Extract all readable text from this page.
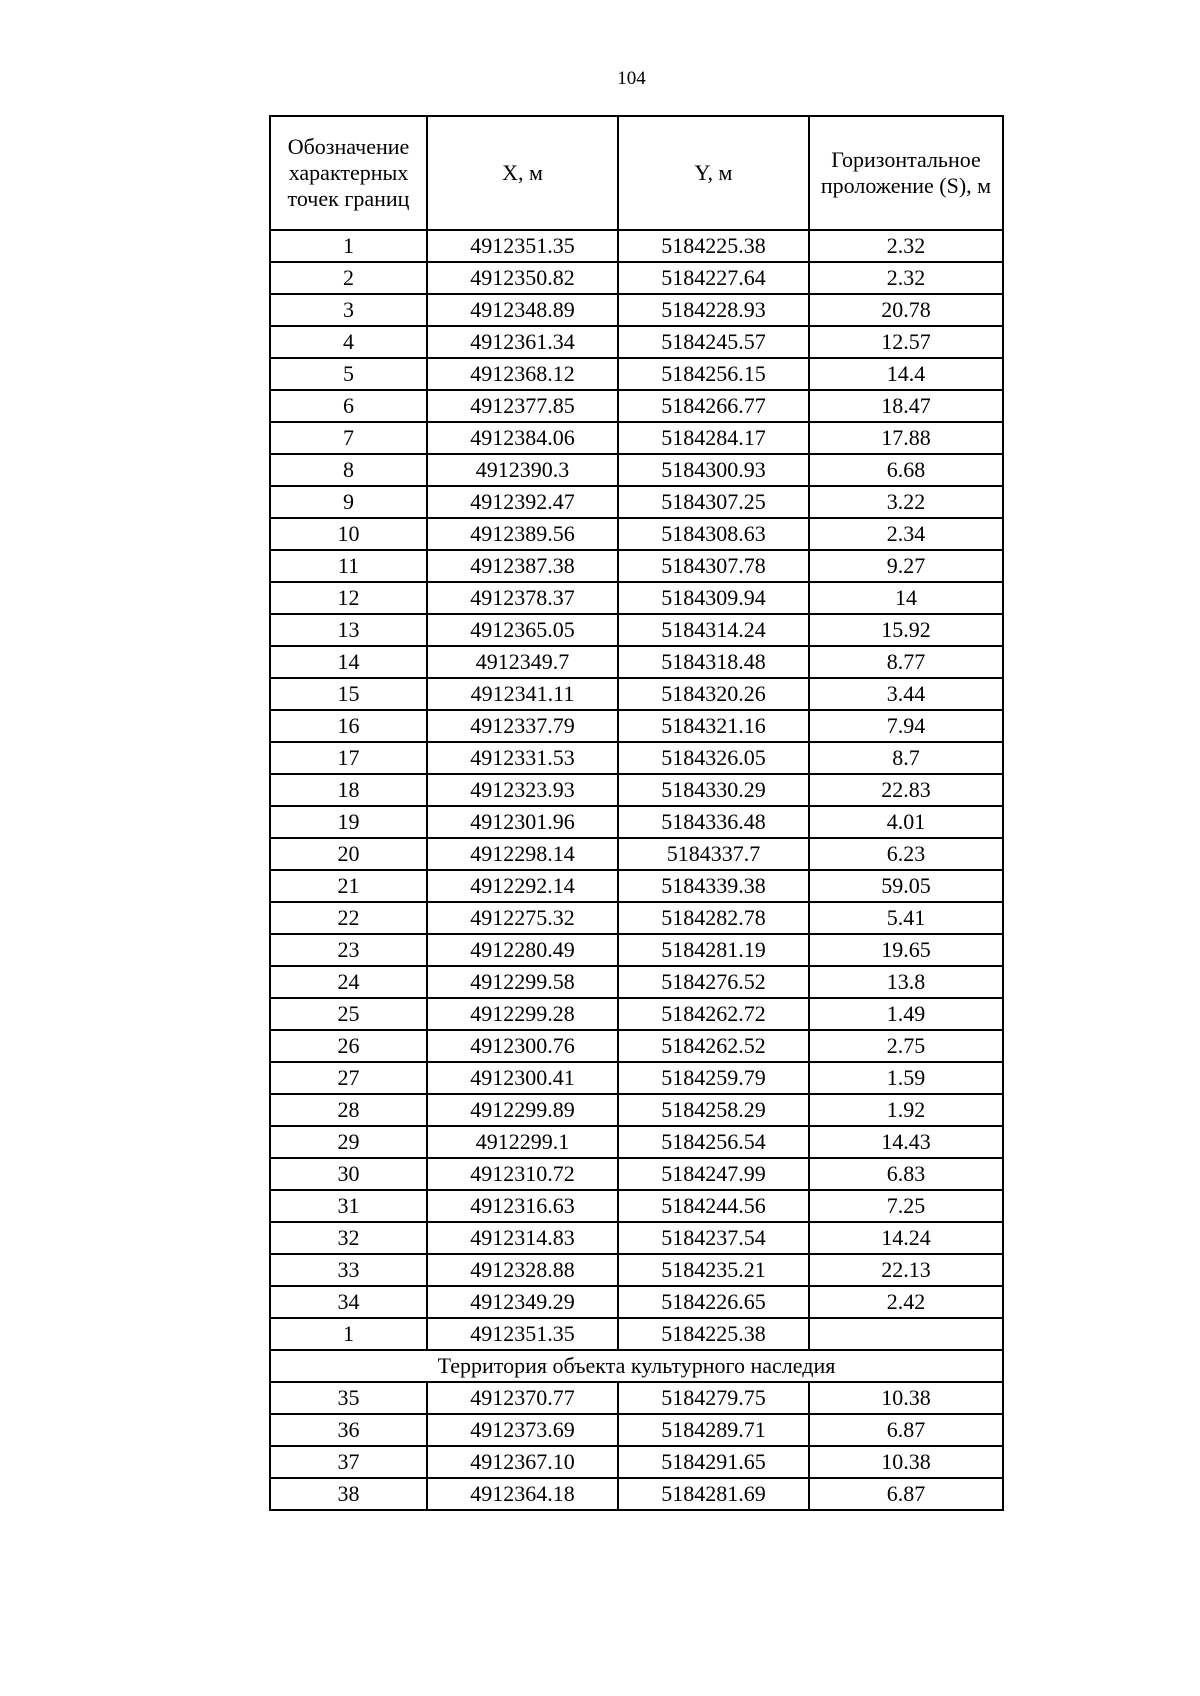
104
Обозначение характерных точек границ	X, м	Y, м	Горизонтальное проложение (S), м
1	4912351.35	5184225.38	2.32
2	4912350.82	5184227.64	2.32
3	4912348.89	5184228.93	20.78
4	4912361.34	5184245.57	12.57
5	4912368.12	5184256.15	14.4
6	4912377.85	5184266.77	18.47
7	4912384.06	5184284.17	17.88
8	4912390.3	5184300.93	6.68
9	4912392.47	5184307.25	3.22
10	4912389.56	5184308.63	2.34
11	4912387.38	5184307.78	9.27
12	4912378.37	5184309.94	14
13	4912365.05	5184314.24	15.92
14	4912349.7	5184318.48	8.77
15	4912341.11	5184320.26	3.44
16	4912337.79	5184321.16	7.94
17	4912331.53	5184326.05	8.7
18	4912323.93	5184330.29	22.83
19	4912301.96	5184336.48	4.01
20	4912298.14	5184337.7	6.23
21	4912292.14	5184339.38	59.05
22	4912275.32	5184282.78	5.41
23	4912280.49	5184281.19	19.65
24	4912299.58	5184276.52	13.8
25	4912299.28	5184262.72	1.49
26	4912300.76	5184262.52	2.75
27	4912300.41	5184259.79	1.59
28	4912299.89	5184258.29	1.92
29	4912299.1	5184256.54	14.43
30	4912310.72	5184247.99	6.83
31	4912316.63	5184244.56	7.25
32	4912314.83	5184237.54	14.24
33	4912328.88	5184235.21	22.13
34	4912349.29	5184226.65	2.42
1	4912351.35	5184225.38	
Территория объекта культурного наследия			
35	4912370.77	5184279.75	10.38
36	4912373.69	5184289.71	6.87
37	4912367.10	5184291.65	10.38
38	4912364.18	5184281.69	6.87
